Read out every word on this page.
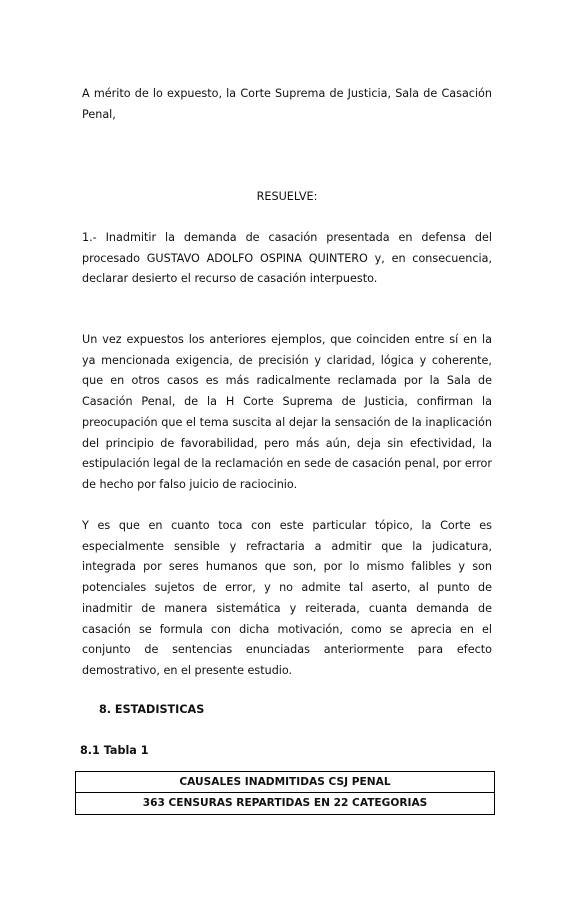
A mérito de lo expuesto, la Corte Suprema de Justicia, Sala de Casación Penal,

RESUELVE:

1.- Inadmitir la demanda de casación presentada en defensa del procesado GUSTAVO ADOLFO OSPINA QUINTERO y, en consecuencia, declarar desierto el recurso de casación interpuesto.

Un vez expuestos los anteriores ejemplos, que coinciden entre sí en la ya mencionada exigencia, de precisión y claridad, lógica y coherente, que en otros casos es más radicalmente reclamada por la Sala de Casación Penal, de la H Corte Suprema de Justicia, confirman la preocupación que el tema suscita al dejar la sensación de la inaplicación del principio de favorabilidad, pero más aún, deja sin efectividad, la estipulación legal de la reclamación en sede de casación penal, por error de hecho por falso juicio de raciocinio.

Y es que en cuanto toca con este particular tópico, la Corte es especialmente sensible y refractaria a admitir que la judicatura, integrada por seres humanos que son, por lo mismo falibles y son potenciales sujetos de error, y no admite tal aserto, al punto de inadmitir de manera sistemática y reiterada, cuanta demanda de casación se formula con dicha motivación, como se aprecia en el conjunto de sentencias enunciadas anteriormente para efecto demostrativo, en el presente estudio.

8. ESTADISTICAS

8.1 Tabla 1

CAUSALES INADMITIDAS CSJ PENAL
363 CENSURAS REPARTIDAS EN 22 CATEGORIAS
